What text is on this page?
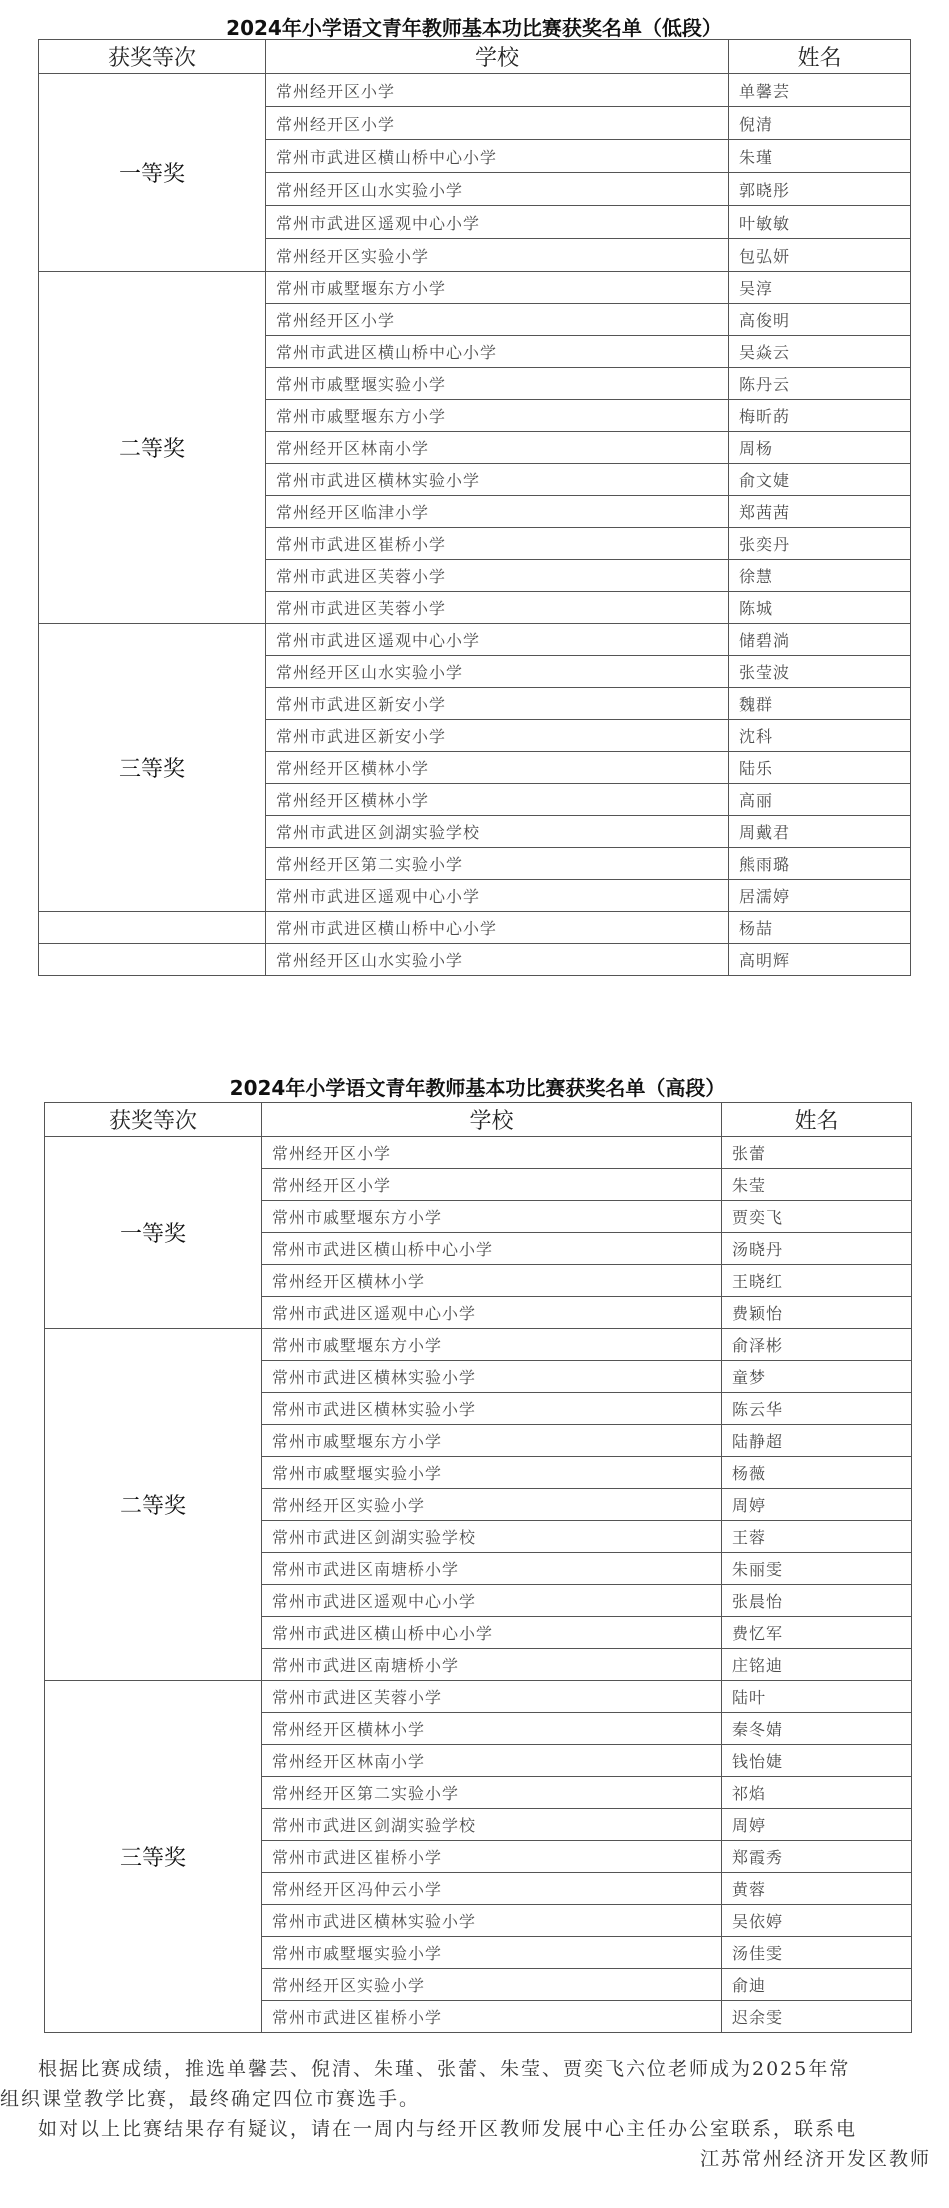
2024年小学语文青年教师基本功比赛获奖名单（低段）
获奖等次	学校	姓名
一等奖	常州经开区小学	单馨芸
	常州经开区小学	倪清
	常州市武进区横山桥中心小学	朱瑾
	常州经开区山水实验小学	郭晓彤
	常州市武进区遥观中心小学	叶敏敏
	常州经开区实验小学	包弘妍
二等奖	常州市戚墅堰东方小学	吴淳
	常州经开区小学	高俊明
	常州市武进区横山桥中心小学	吴焱云
	常州市戚墅堰实验小学	陈丹云
	常州市戚墅堰东方小学	梅昕菂
	常州经开区林南小学	周杨
	常州市武进区横林实验小学	俞文婕
	常州经开区临津小学	郑茜茜
	常州市武进区崔桥小学	张奕丹
	常州市武进区芙蓉小学	徐慧
	常州市武进区芙蓉小学	陈城
三等奖	常州市武进区遥观中心小学	储碧淌
	常州经开区山水实验小学	张莹波
	常州市武进区新安小学	魏群
	常州市武进区新安小学	沈科
	常州经开区横林小学	陆乐
	常州经开区横林小学	高丽
	常州市武进区剑湖实验学校	周戴君
	常州经开区第二实验小学	熊雨璐
	常州市武进区遥观中心小学	居濡婷
	常州市武进区横山桥中心小学	杨喆
	常州经开区山水实验小学	高明辉
2024年小学语文青年教师基本功比赛获奖名单（高段）
获奖等次	学校	姓名
一等奖	常州经开区小学	张蕾
	常州经开区小学	朱莹
	常州市戚墅堰东方小学	贾奕飞
	常州市武进区横山桥中心小学	汤晓丹
	常州经开区横林小学	王晓红
	常州市武进区遥观中心小学	费颖怡
二等奖	常州市戚墅堰东方小学	俞泽彬
	常州市武进区横林实验小学	童梦
	常州市武进区横林实验小学	陈云华
	常州市戚墅堰东方小学	陆静超
	常州市戚墅堰实验小学	杨薇
	常州经开区实验小学	周婷
	常州市武进区剑湖实验学校	王蓉
	常州市武进区南塘桥小学	朱丽雯
	常州市武进区遥观中心小学	张晨怡
	常州市武进区横山桥中心小学	费忆军
	常州市武进区南塘桥小学	庄铭迪
三等奖	常州市武进区芙蓉小学	陆叶
	常州经开区横林小学	秦冬婧
	常州经开区林南小学	钱怡婕
	常州经开区第二实验小学	祁焰
	常州市武进区剑湖实验学校	周婷
	常州市武进区崔桥小学	郑霞秀
	常州经开区冯仲云小学	黄蓉
	常州市武进区横林实验小学	吴依婷
	常州市戚墅堰实验小学	汤佳雯
	常州经开区实验小学	俞迪
	常州市武进区崔桥小学	迟余雯

根据比赛成绩，推选单馨芸、倪清、朱瑾、张蕾、朱莹、贾奕飞六位老师成为2025年常

组织课堂教学比赛，最终确定四位市赛选手。

如对以上比赛结果存有疑议，请在一周内与经开区教师发展中心主任办公室联系，联系电

江苏常州经济开发区教师
